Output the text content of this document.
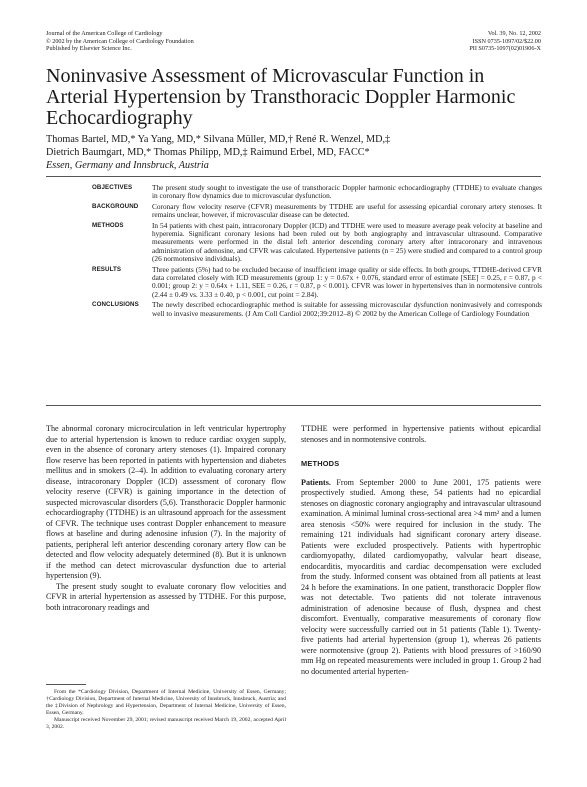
Journal of the American College of Cardiology
© 2002 by the American College of Cardiology Foundation
Published by Elsevier Science Inc.
Vol. 39, No. 12, 2002
ISSN 0735-1097/02/$22.00
PII S0735-1097(02)01906-X
Noninvasive Assessment of Microvascular Function in Arterial Hypertension by Transthoracic Doppler Harmonic Echocardiography
Thomas Bartel, MD,* Ya Yang, MD,* Silvana Müller, MD,† René R. Wenzel, MD,‡
Dietrich Baumgart, MD,* Thomas Philipp, MD,‡ Raimund Erbel, MD, FACC*
Essen, Germany and Innsbruck, Austria
OBJECTIVES	The present study sought to investigate the use of transthoracic Doppler harmonic echocardiography (TTDHE) to evaluate changes in coronary flow dynamics due to microvascular dysfunction.
BACKGROUND	Coronary flow velocity reserve (CFVR) measurements by TTDHE are useful for assessing epicardial coronary artery stenoses. It remains unclear, however, if microvascular disease can be detected.
METHODS	In 54 patients with chest pain, intracoronary Doppler (ICD) and TTDHE were used to measure average peak velocity at baseline and hyperemia. Significant coronary lesions had been ruled out by both angiography and intravascular ultrasound. Comparative measurements were performed in the distal left anterior descending coronary artery after intracoronary and intravenous administration of adenosine, and CFVR was calculated. Hypertensive patients (n = 25) were studied and compared to a control group (26 normotensive individuals).
RESULTS	Three patients (5%) had to be excluded because of insufficient image quality or side effects. In both groups, TTDHE-derived CFVR data correlated closely with ICD measurements (group 1: y = 0.67x + 0.076, standard error of estimate [SEE] = 0.25, r = 0.87, p < 0.001; group 2: y = 0.64x + 1.11, SEE = 0.26, r = 0.87, p < 0.001). CFVR was lower in hypertensives than in normotensive controls (2.44 ± 0.49 vs. 3.33 ± 0.40, p < 0.001, cut point = 2.84).
CONCLUSIONS	The newly described echocardiographic method is suitable for assessing microvascular dysfunction noninvasively and corresponds well to invasive measurements. (J Am Coll Cardiol 2002;39:2012–8) © 2002 by the American College of Cardiology Foundation

The abnormal coronary microcirculation in left ventricular hypertrophy due to arterial hypertension is known to reduce cardiac oxygen supply, even in the absence of coronary artery stenoses (1). Impaired coronary flow reserve has been reported in patients with hypertension and diabetes mellitus and in smokers (2–4). In addition to evaluating coronary artery disease, intracoronary Doppler (ICD) assessment of coronary flow velocity reserve (CFVR) is gaining importance in the detection of suspected microvascular disorders (5,6). Transthoracic Doppler harmonic echocardiography (TTDHE) is an ultrasound approach for the assessment of CFVR. The technique uses contrast Doppler enhancement to measure flows at baseline and during adenosine infusion (7). In the majority of patients, peripheral left anterior descending coronary artery flow can be detected and flow velocity adequately determined (8). But it is unknown if the method can detect microvascular dysfunction due to arterial hypertension (9).

The present study sought to evaluate coronary flow velocities and CFVR in arterial hypertension as assessed by TTDHE. For this purpose, both intracoronary readings and

TTDHE were performed in hypertensive patients without epicardial stenoses and in normotensive controls.

METHODS

Patients. From September 2000 to June 2001, 175 patients were prospectively studied. Among these, 54 patients had no epicardial stenoses on diagnostic coronary angiography and intravascular ultrasound examination. A minimal luminal cross-sectional area >4 mm² and a lumen area stenosis <50% were required for inclusion in the study. The remaining 121 individuals had significant coronary artery disease. Patients were excluded prospectively. Patients with hypertrophic cardiomyopathy, dilated cardiomyopathy, valvular heart disease, endocarditis, myocarditis and cardiac decompensation were excluded from the study. Informed consent was obtained from all patients at least 24 h before the examinations. In one patient, transthoracic Doppler flow was not detectable. Two patients did not tolerate intravenous administration of adenosine because of flush, dyspnea and chest discomfort. Eventually, comparative measurements of coronary flow velocity were successfully carried out in 51 patients (Table 1). Twenty-five patients had arterial hypertension (group 1), whereas 26 patients were normotensive (group 2). Patients with blood pressures of >160/90 mm Hg on repeated measurements were included in group 1. Group 2 had no documented arterial hyperten-

From the *Cardiology Division, Department of Internal Medicine, University of Essen, Germany; †Cardiology Division, Department of Internal Medicine, University of Innsbruck, Innsbruck, Austria; and the ‡Division of Nephrology and Hypertension, Department of Internal Medicine, University of Essen, Essen, Germany.

Manuscript received November 29, 2001; revised manuscript received March 19, 2002, accepted April 3, 2002.
